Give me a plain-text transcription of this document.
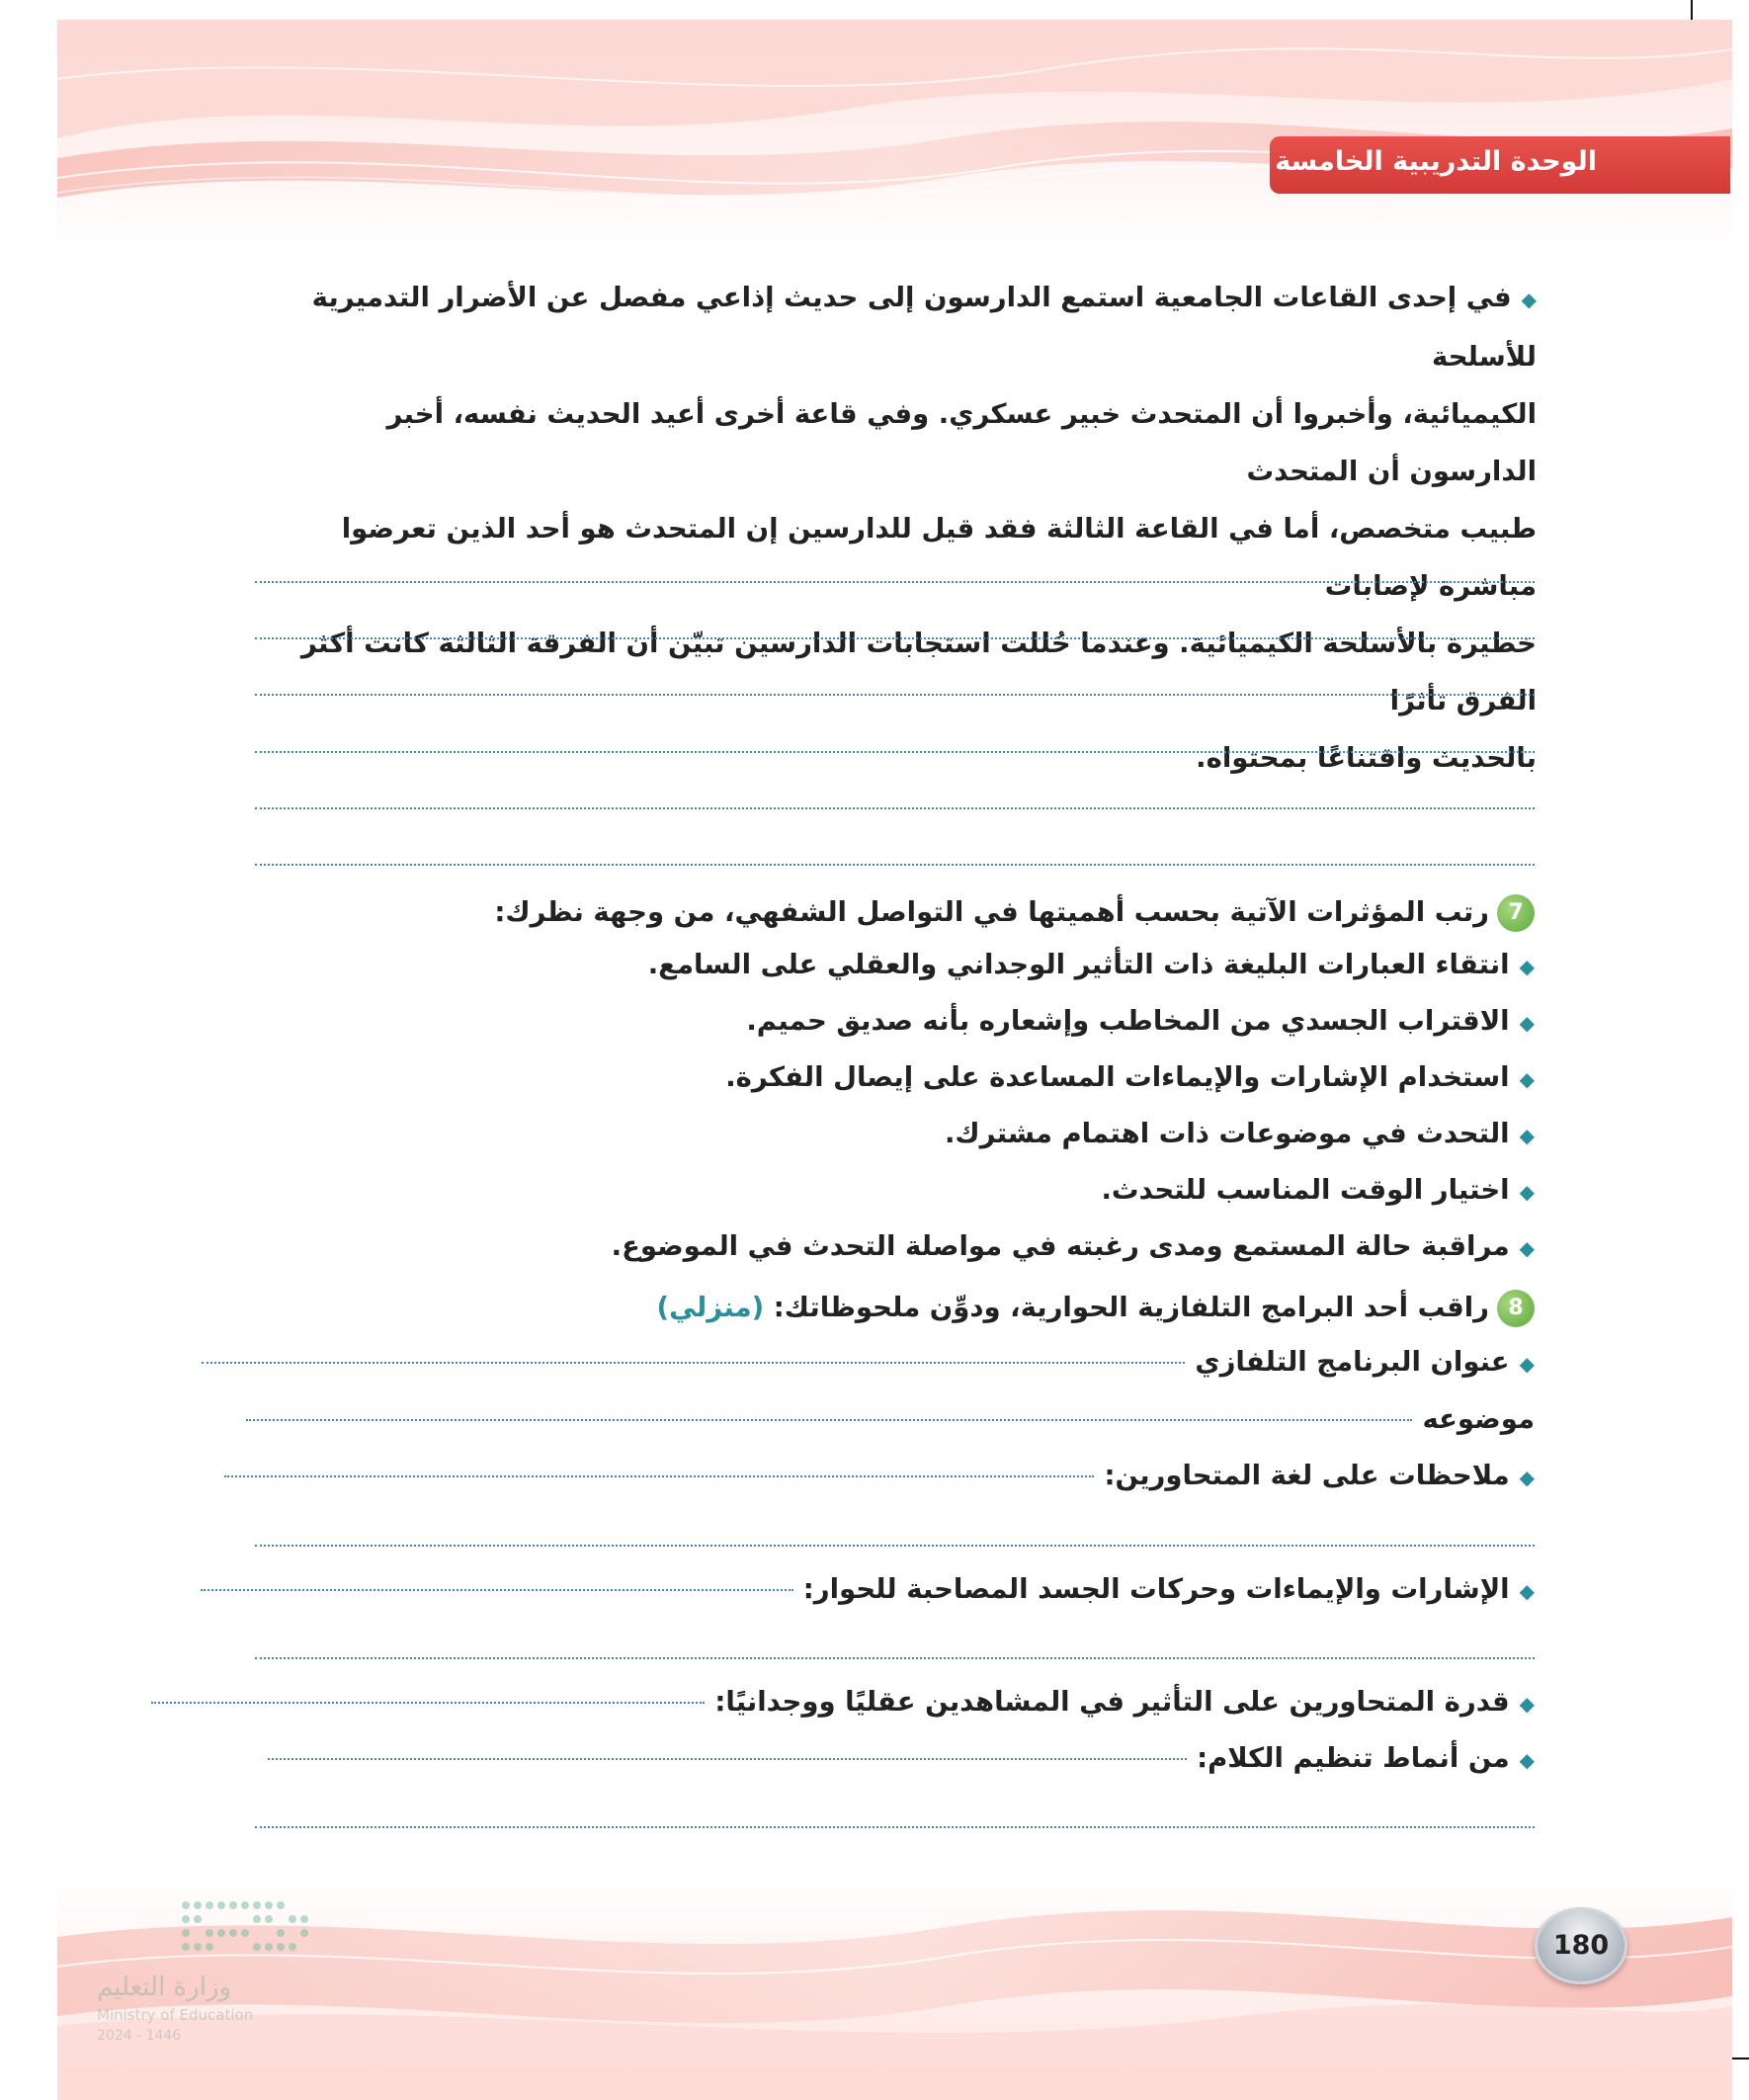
الوحدة التدريبية الخامسة
◆في إحدى القاعات الجامعية استمع الدارسون إلى حديث إذاعي مفصل عن الأضرار التدميرية للأسلحة
الكيميائية، وأخبروا أن المتحدث خبير عسكري. وفي قاعة أخرى أعيد الحديث نفسه، أخبر الدارسون أن المتحدث
طبيب متخصص، أما في القاعة الثالثة فقد قيل للدارسين إن المتحدث هو أحد الذين تعرضوا مباشرة لإصابات
خطيرة بالأسلحة الكيميائية. وعندما حُللت استجابات الدارسين تبيّن أن الفرقة الثالثة كانت أكثر الفرق تأثرًا
بالحديث واقتناعًا بمحتواه.
7رتب المؤثرات الآتية بحسب أهميتها في التواصل الشفهي، من وجهة نظرك:
◆انتقاء العبارات البليغة ذات التأثير الوجداني والعقلي على السامع.
◆الاقتراب الجسدي من المخاطب وإشعاره بأنه صديق حميم.
◆استخدام الإشارات والإيماءات المساعدة على إيصال الفكرة.
◆التحدث في موضوعات ذات اهتمام مشترك.
◆اختيار الوقت المناسب للتحدث.
◆مراقبة حالة المستمع ومدى رغبته في مواصلة التحدث في الموضوع.
8راقب أحد البرامج التلفازية الحوارية، ودوِّن ملحوظاتك: (منزلي)
◆عنوان البرنامج التلفازي
موضوعه
◆ملاحظات على لغة المتحاورين:
◆الإشارات والإيماءات وحركات الجسد المصاحبة للحوار:
◆قدرة المتحاورين على التأثير في المشاهدين عقليًا ووجدانيًا:
◆من أنماط تنظيم الكلام:
وزارة التعليم
Ministry of Education
2024 - 1446
180
